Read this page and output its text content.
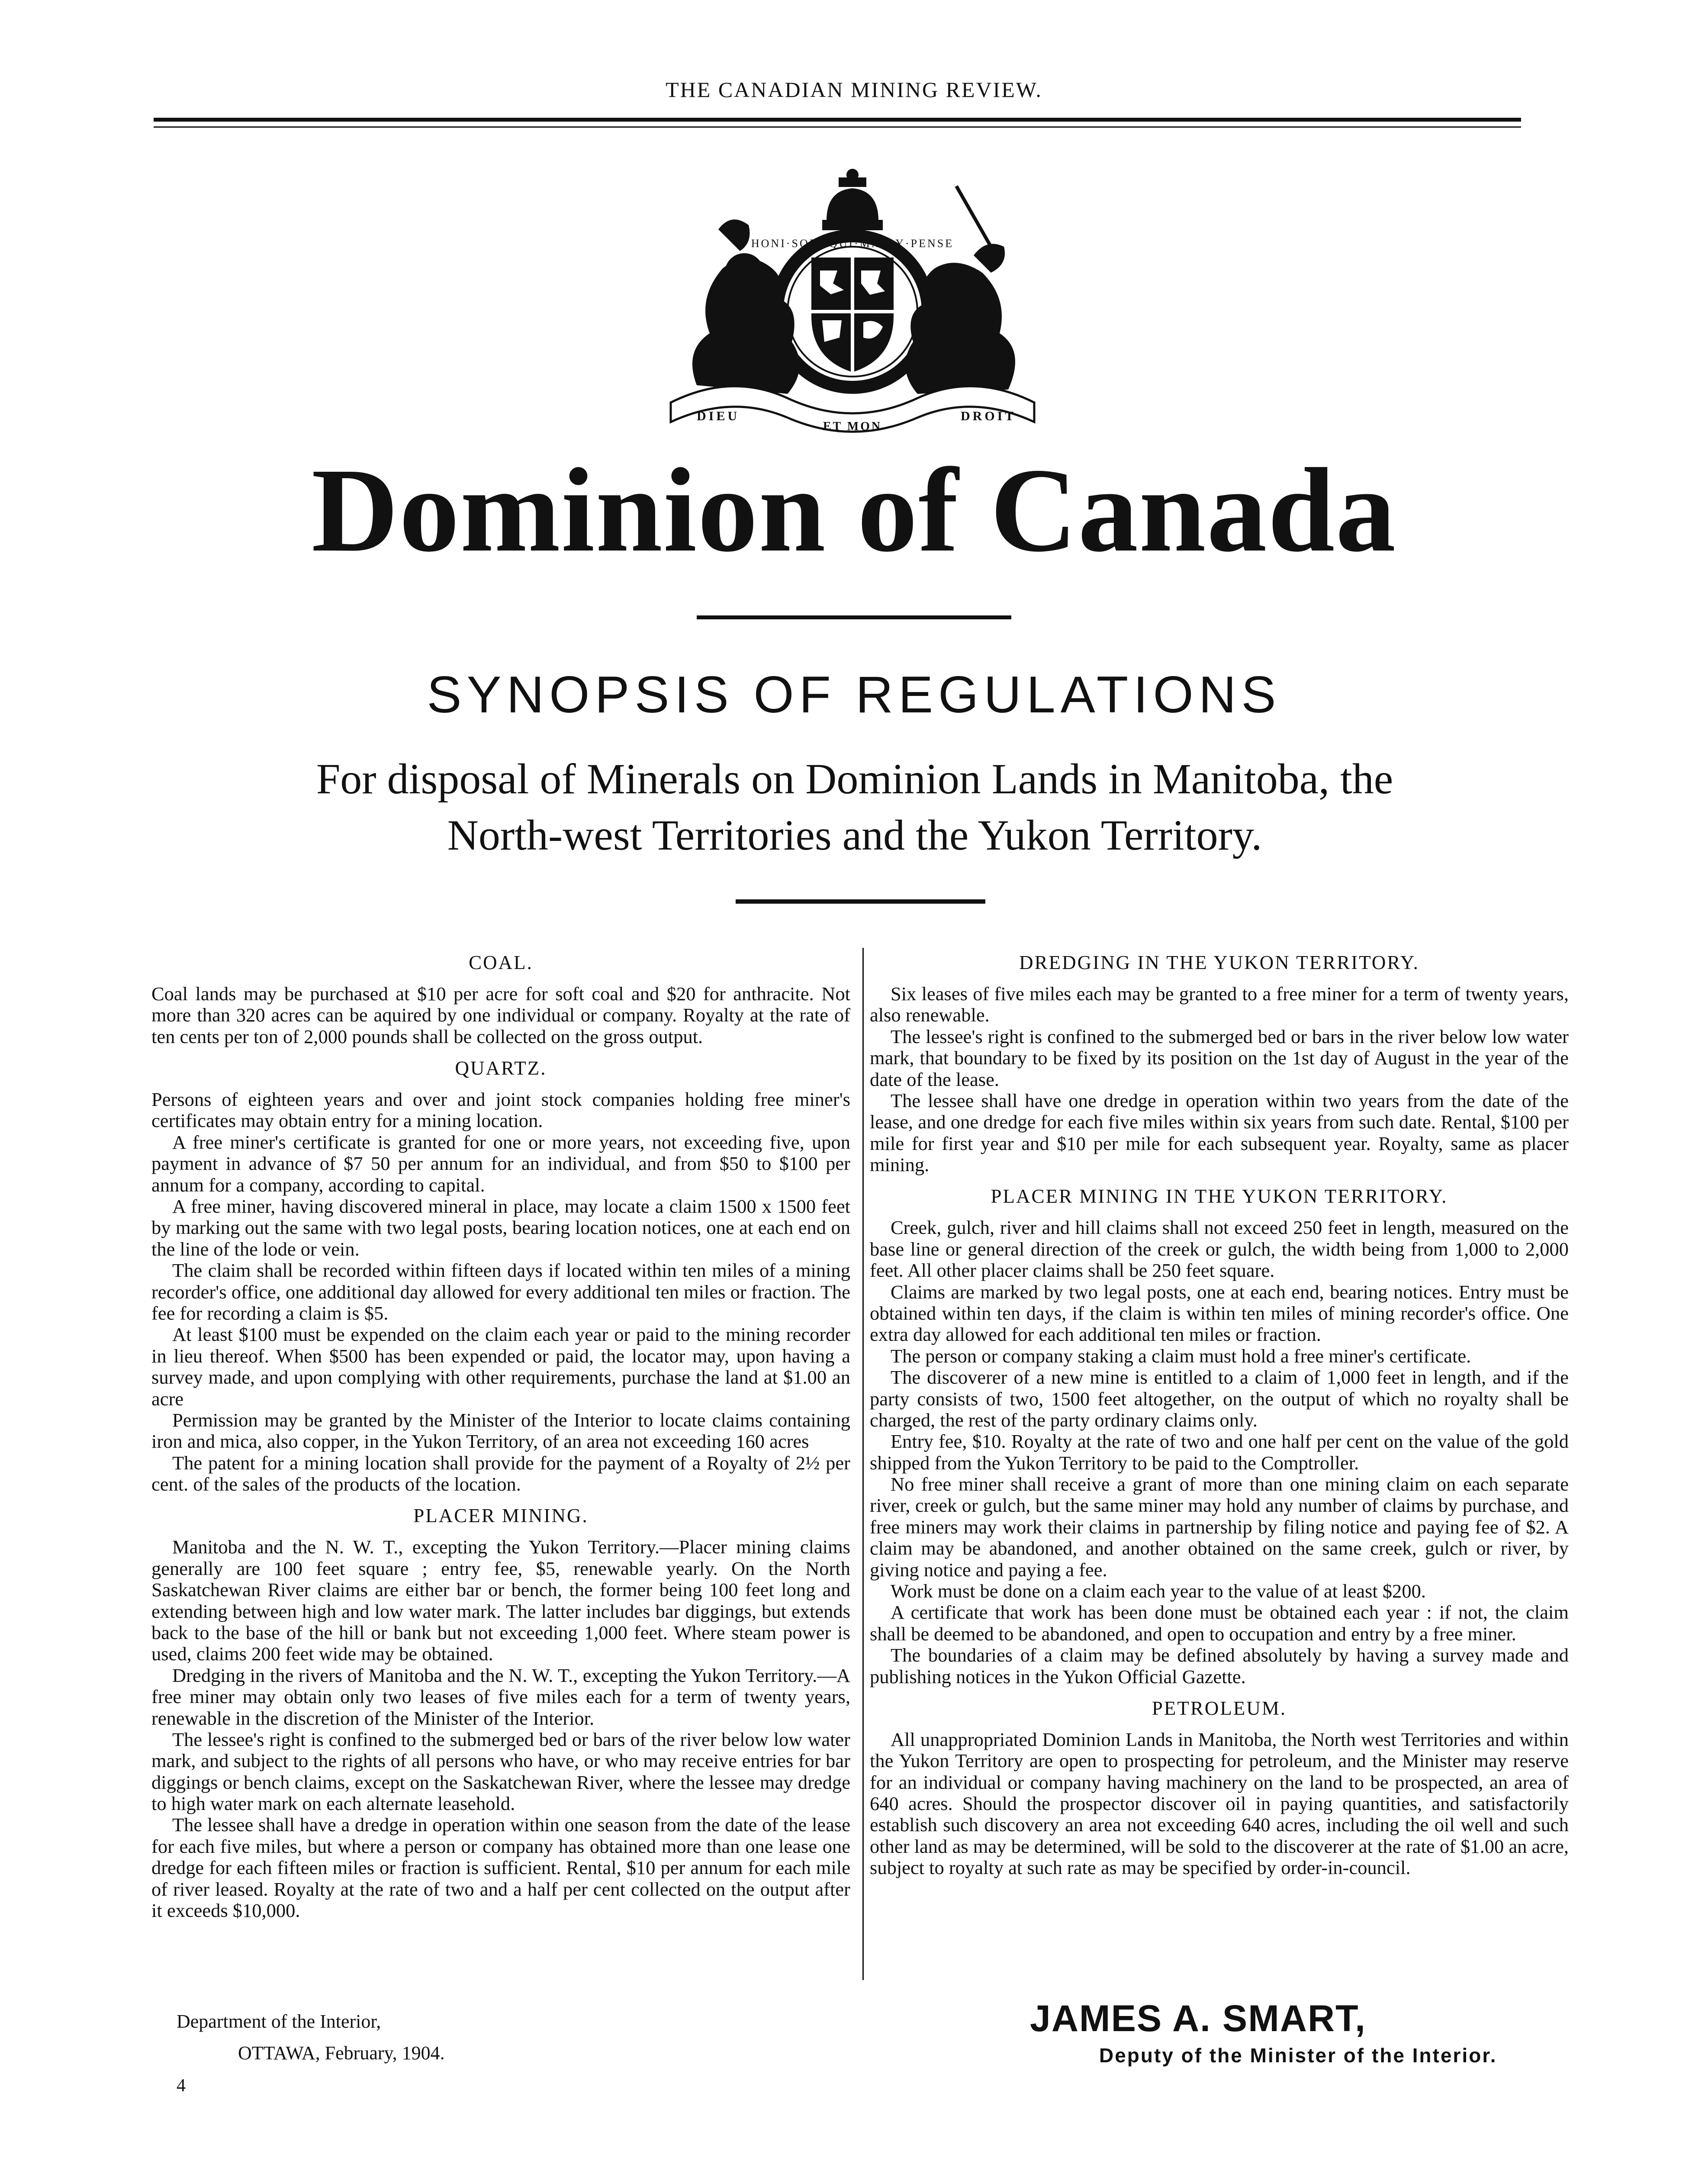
THE CANADIAN MINING REVIEW.
HONI·SOIT·QUI·MAL·Y·PENSE
DIEU
ET MON
DROIT
Dominion of Canada
SYNOPSIS OF REGULATIONS
For disposal of Minerals on Dominion Lands in Manitoba, the
North-west Territories and the Yukon Territory.
COAL.

Coal lands may be purchased at $10 per acre for soft coal and $20 for anthracite. Not more than 320 acres can be aquired by one individual or company. Royalty at the rate of ten cents per ton of 2,000 pounds shall be collected on the gross output.

QUARTZ.

Persons of eighteen years and over and joint stock companies holding free miner's certificates may obtain entry for a mining location.

A free miner's certificate is granted for one or more years, not exceeding five, upon payment in advance of $7 50 per annum for an individual, and from $50 to $100 per annum for a company, according to capital.

A free miner, having discovered mineral in place, may locate a claim 1500 x 1500 feet by marking out the same with two legal posts, bearing location notices, one at each end on the line of the lode or vein.

The claim shall be recorded within fifteen days if located within ten miles of a mining recorder's office, one additional day allowed for every additional ten miles or fraction. The fee for recording a claim is $5.

At least $100 must be expended on the claim each year or paid to the mining recorder in lieu thereof. When $500 has been expended or paid, the locator may, upon having a survey made, and upon complying with other requirements, purchase the land at $1.00 an acre

Permission may be granted by the Minister of the Interior to locate claims containing iron and mica, also copper, in the Yukon Territory, of an area not exceeding 160 acres

The patent for a mining location shall provide for the payment of a Royalty of 2½ per cent. of the sales of the products of the location.

PLACER MINING.

Manitoba and the N. W. T., excepting the Yukon Territory.—Placer mining claims generally are 100 feet square ; entry fee, $5, renewable yearly. On the North Saskatchewan River claims are either bar or bench, the former being 100 feet long and extending between high and low water mark. The latter includes bar diggings, but extends back to the base of the hill or bank but not exceeding 1,000 feet. Where steam power is used, claims 200 feet wide may be obtained.

Dredging in the rivers of Manitoba and the N. W. T., excepting the Yukon Territory.—A free miner may obtain only two leases of five miles each for a term of twenty years, renewable in the discretion of the Minister of the Interior.

The lessee's right is confined to the submerged bed or bars of the river below low water mark, and subject to the rights of all persons who have, or who may receive entries for bar diggings or bench claims, except on the Saskatchewan River, where the lessee may dredge to high water mark on each alternate leasehold.

The lessee shall have a dredge in operation within one season from the date of the lease for each five miles, but where a person or company has obtained more than one lease one dredge for each fifteen miles or fraction is sufficient. Rental, $10 per annum for each mile of river leased. Royalty at the rate of two and a half per cent collected on the output after it exceeds $10,000.

DREDGING IN THE YUKON TERRITORY.

Six leases of five miles each may be granted to a free miner for a term of twenty years, also renewable.

The lessee's right is confined to the submerged bed or bars in the river below low water mark, that boundary to be fixed by its position on the 1st day of August in the year of the date of the lease.

The lessee shall have one dredge in operation within two years from the date of the lease, and one dredge for each five miles within six years from such date. Rental, $100 per mile for first year and $10 per mile for each subsequent year. Royalty, same as placer mining.

PLACER MINING IN THE YUKON TERRITORY.

Creek, gulch, river and hill claims shall not exceed 250 feet in length, measured on the base line or general direction of the creek or gulch, the width being from 1,000 to 2,000 feet. All other placer claims shall be 250 feet square.

Claims are marked by two legal posts, one at each end, bearing notices. Entry must be obtained within ten days, if the claim is within ten miles of mining recorder's office. One extra day allowed for each additional ten miles or fraction.

The person or company staking a claim must hold a free miner's certificate.

The discoverer of a new mine is entitled to a claim of 1,000 feet in length, and if the party consists of two, 1500 feet altogether, on the output of which no royalty shall be charged, the rest of the party ordinary claims only.

Entry fee, $10. Royalty at the rate of two and one half per cent on the value of the gold shipped from the Yukon Territory to be paid to the Comptroller.

No free miner shall receive a grant of more than one mining claim on each separate river, creek or gulch, but the same miner may hold any number of claims by purchase, and free miners may work their claims in partnership by filing notice and paying fee of $2. A claim may be abandoned, and another obtained on the same creek, gulch or river, by giving notice and paying a fee.

Work must be done on a claim each year to the value of at least $200.

A certificate that work has been done must be obtained each year : if not, the claim shall be deemed to be abandoned, and open to occupation and entry by a free miner.

The boundaries of a claim may be defined absolutely by having a survey made and publishing notices in the Yukon Official Gazette.

PETROLEUM.

All unappropriated Dominion Lands in Manitoba, the North west Territories and within the Yukon Territory are open to prospecting for petroleum, and the Minister may reserve for an individual or company having machinery on the land to be prospected, an area of 640 acres. Should the prospector discover oil in paying quantities, and satisfactorily establish such discovery an area not exceeding 640 acres, including the oil well and such other land as may be determined, will be sold to the discoverer at the rate of $1.00 an acre, subject to royalty at such rate as may be specified by order-in-council.

Department of the Interior,
OTTAWA, February, 1904.
4
JAMES A. SMART,
Deputy of the Minister of the Interior.
